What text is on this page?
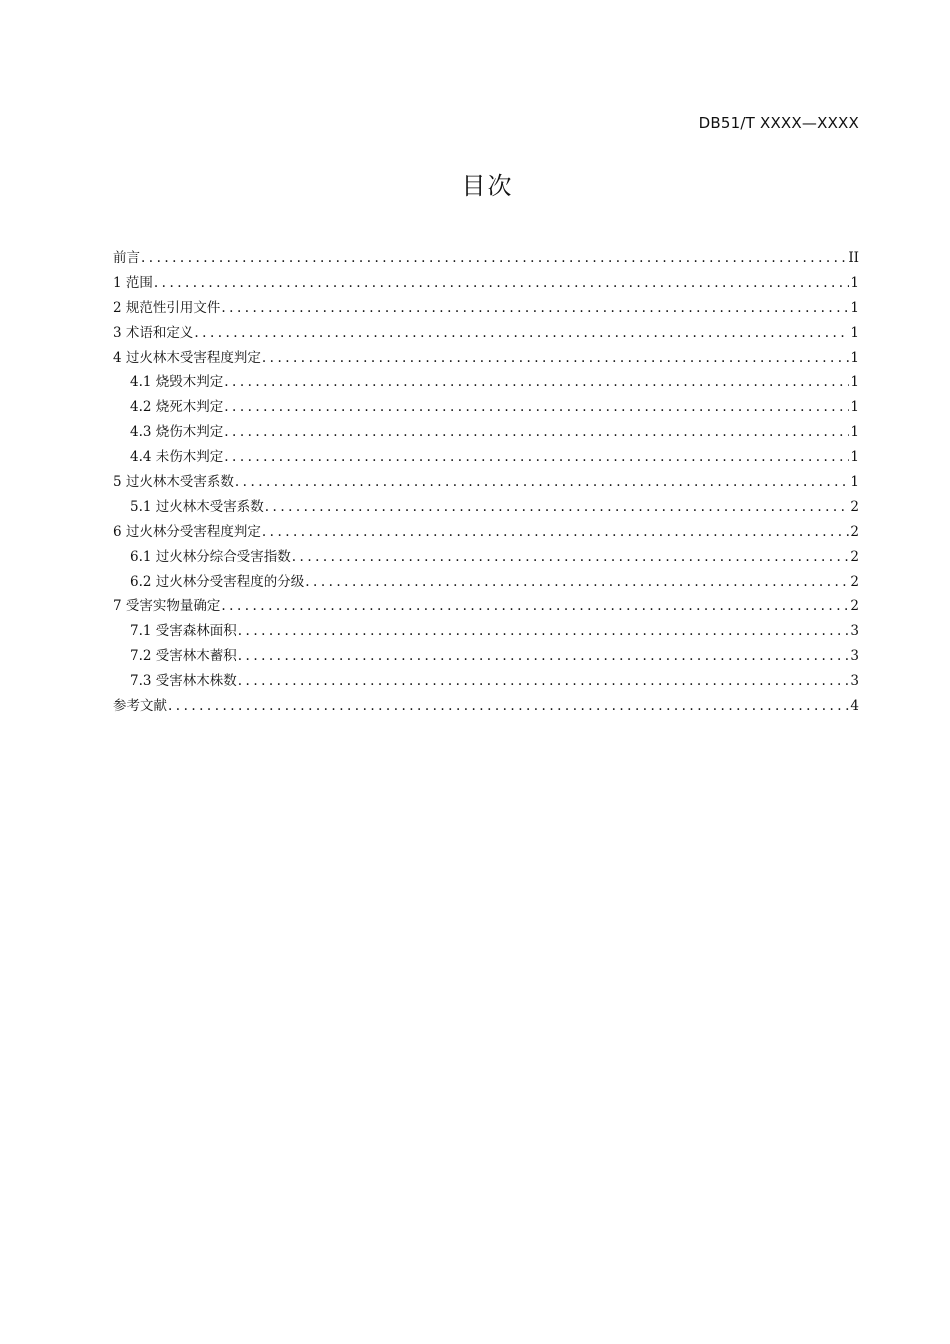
DB51/T XXXX—XXXX
目次
前言 . . .	II
1 范围 . . .	1
2 规范性引用文件 . . .	1
3 术语和定义 . . .	1
4 过火林木受害程度判定 . . .	1
4.1 烧毁木判定 . . .	1
4.2 烧死木判定 . . .	1
4.3 烧伤木判定 . . .	1
4.4 未伤木判定 . . .	1
5 过火林木受害系数 . . .	1
5.1 过火林木受害系数 . . .	2
6 过火林分受害程度判定 . . .	2
6.1 过火林分综合受害指数 . . .	2
6.2 过火林分受害程度的分级 . . .	2
7 受害实物量确定 . . .	2
7.1 受害森林面积 . . .	3
7.2 受害林木蓄积 . . .	3
7.3 受害林木株数 . . .	3
参考文献 . . .	4
